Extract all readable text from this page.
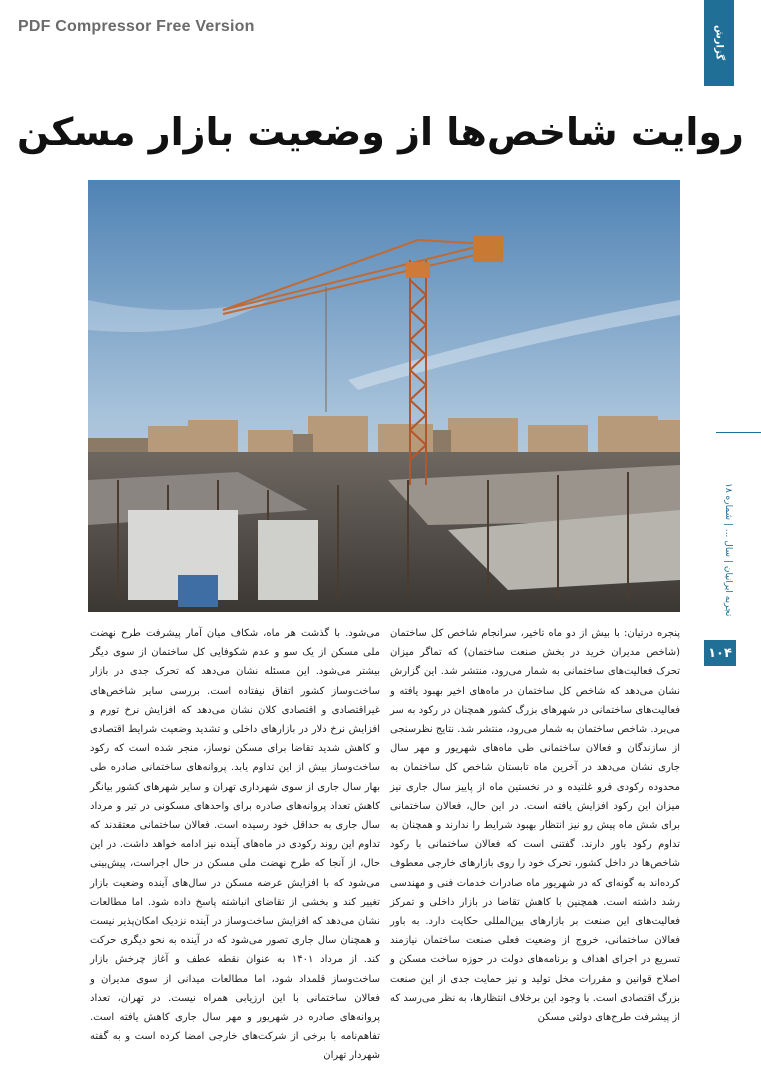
PDF Compressor Free Version	گزارش
روایت شاخص‌ها از وضعیت بازار مسکن
تجربه ایرانیان | سال ... | شماره ۱۸
۱۰۴

پنجره درتیان: با بیش از دو ماه تاخیر، سرانجام شاخص کل ساختمان (شاخص مدیران خرید در بخش صنعت ساختمان) که تماگر میزان تحرک فعالیت‌های ساختمانی به شمار می‌رود، منتشر شد. این گزارش نشان می‌دهد که شاخص کل ساختمان در ماه‌های اخیر بهبود یافته و فعالیت‌های ساختمانی در شهرهای بزرگ کشور همچنان در رکود به سر می‌برد. شاخص ساختمان به شمار می‌رود، منتشر شد. نتایج نظرسنجی از سازندگان و فعالان ساختمانی طی ماه‌های شهریور و مهر سال جاری نشان می‌دهد در آخرین ماه تابستان شاخص کل ساختمان به محدوده رکودی فرو غلتیده و در نخستین ماه از پاییز سال جاری نیز میزان این رکود افزایش یافته است. در این حال، فعالان ساختمانی برای شش ماه پیش رو نیز انتظار بهبود شرایط را ندارند و همچنان به تداوم رکود باور دارند. گفتنی است که فعالان ساختمانی با رکود شاخص‌ها در داخل کشور، تحرک خود را روی بازارهای خارجی معطوف کرده‌اند به گونه‌ای که در شهریور ماه صادرات خدمات فنی و مهندسی رشد داشته است. همچنین با کاهش تقاضا در بازار داخلی و تمرکز فعالیت‌های این صنعت بر بازارهای بین‌المللی حکایت دارد. به باور فعالان ساختمانی، خروج از وضعیت فعلی صنعت ساختمان نیازمند تسریع در اجرای اهداف و برنامه‌های دولت در حوزه ساخت مسکن و اصلاح قوانین و مقررات مخل تولید و نیز حمایت جدی از این صنعت بزرگ اقتصادی است. با وجود این برخلاف انتظارها، به نظر می‌رسد که از پیشرفت طرح‌های دولتی مسکن

می‌شود. با گذشت هر ماه، شکاف میان آمار پیشرفت طرح نهضت ملی مسکن از یک سو و عدم شکوفایی کل ساختمان از سوی دیگر بیشتر می‌شود. این مسئله نشان می‌دهد که تحرک جدی در بازار ساخت‌وساز کشور اتفاق نیفتاده است. بررسی سایر شاخص‌های غیراقتصادی و اقتصادی کلان نشان می‌دهد که افزایش نرخ تورم و افزایش نرخ دلار در بازارهای داخلی و تشدید وضعیت شرایط اقتصادی و کاهش شدید تقاضا برای مسکن نوساز، منجر شده است که رکود ساخت‌وساز بیش از این تداوم یابد. پروانه‌های ساختمانی صادره طی بهار سال جاری از سوی شهرداری تهران و سایر شهرهای کشور بیانگر کاهش تعداد پروانه‌های صادره برای واحدهای مسکونی در تیر و مرداد سال جاری به حداقل خود رسیده است. فعالان ساختمانی معتقدند که تداوم این روند رکودی در ماه‌های آینده نیز ادامه خواهد داشت. در این حال، از آنجا که طرح نهضت ملی مسکن در حال اجراست، پیش‌بینی می‌شود که با افزایش عرضه مسکن در سال‌های آینده وضعیت بازار تغییر کند و بخشی از تقاضای انباشته پاسخ داده شود. اما مطالعات نشان می‌دهد که افزایش ساخت‌وساز در آینده نزدیک امکان‌پذیر نیست و همچنان سال جاری تصور می‌شود که در آینده به نحو دیگری حرکت کند. از مرداد ۱۴۰۱ به عنوان نقطه عطف و آغاز چرخش بازار ساخت‌وساز قلمداد شود، اما مطالعات میدانی از سوی مدیران و فعالان ساختمانی با این ارزیابی همراه نیست. در تهران، تعداد پروانه‌های صادره در شهریور و مهر سال جاری کاهش یافته است. تفاهم‌نامه با برخی از شرکت‌های خارجی امضا کرده است و به گفته شهردار تهران
